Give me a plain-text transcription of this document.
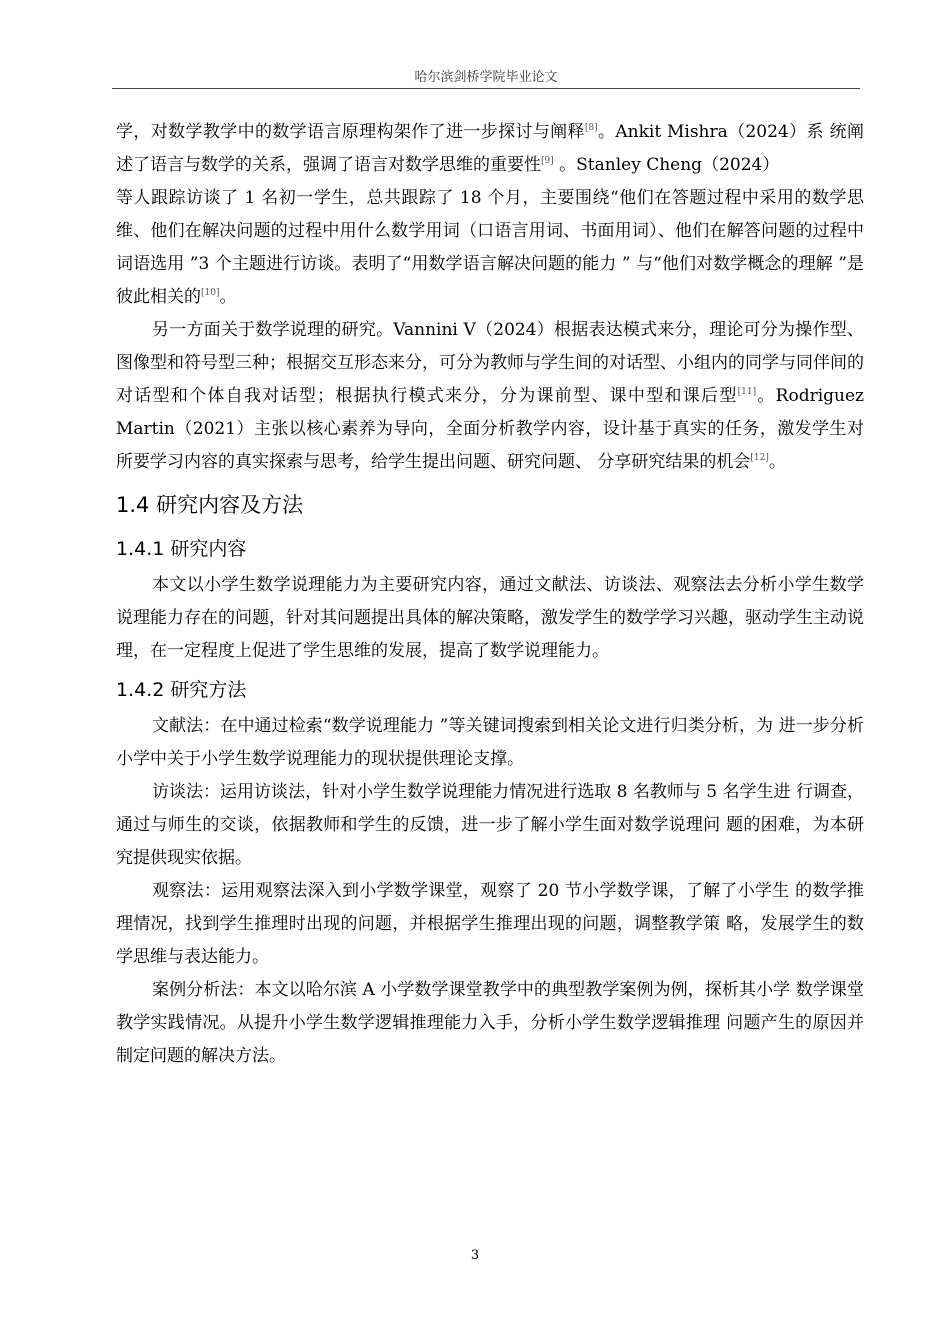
哈尔滨剑桥学院毕业论文

学，对数学教学中的数学语言原理构架作了进一步探讨与阐释[8]。Ankit Mishra（2024）系 统阐述了语言与数学的关系，强调了语言对数学思维的重要性[9] 。Stanley Cheng（2024）

等人跟踪访谈了 1 名初一学生，总共跟踪了 18 个月，主要围绕“他们在答题过程中采用的数学思维、他们在解决问题的过程中用什么数学用词（口语言用词、书面用词）、他们在解答问题的过程中词语选用 ”3 个主题进行访谈。表明了“用数学语言解决问题的能力 ” 与“他们对数学概念的理解 ”是彼此相关的[10]。

另一方面关于数学说理的研究。Vannini V（2024）根据表达模式来分，理论可分为操作型、图像型和符号型三种；根据交互形态来分，可分为教师与学生间的对话型、小组内的同学与同伴间的对话型和个体自我对话型；根据执行模式来分，分为课前型、课中型和课后型[11]。Rodriguez Martin（2021）主张以核心素养为导向，全面分析教学内容，设计基于真实的任务，激发学生对所要学习内容的真实探索与思考，给学生提出问题、研究问题、 分享研究结果的机会[12]。

1.4 研究内容及方法
1.4.1 研究内容

本文以小学生数学说理能力为主要研究内容，通过文献法、访谈法、观察法去分析小学生数学说理能力存在的问题，针对其问题提出具体的解决策略，激发学生的数学学习兴趣，驱动学生主动说理，在一定程度上促进了学生思维的发展，提高了数学说理能力。

1.4.2 研究方法

文献法：在中通过检索“数学说理能力 ”等关键词搜索到相关论文进行归类分析，为 进一步分析小学中关于小学生数学说理能力的现状提供理论支撑。

访谈法：运用访谈法，针对小学生数学说理能力情况进行选取 8 名教师与 5 名学生进 行调查，通过与师生的交谈，依据教师和学生的反馈，进一步了解小学生面对数学说理问 题的困难，为本研究提供现实依据。

观察法：运用观察法深入到小学数学课堂，观察了 20 节小学数学课，了解了小学生 的数学推理情况，找到学生推理时出现的问题，并根据学生推理出现的问题，调整教学策 略，发展学生的数学思维与表达能力。

案例分析法：本文以哈尔滨 A 小学数学课堂教学中的典型教学案例为例，探析其小学 数学课堂教学实践情况。从提升小学生数学逻辑推理能力入手，分析小学生数学逻辑推理 问题产生的原因并制定问题的解决方法。

3
